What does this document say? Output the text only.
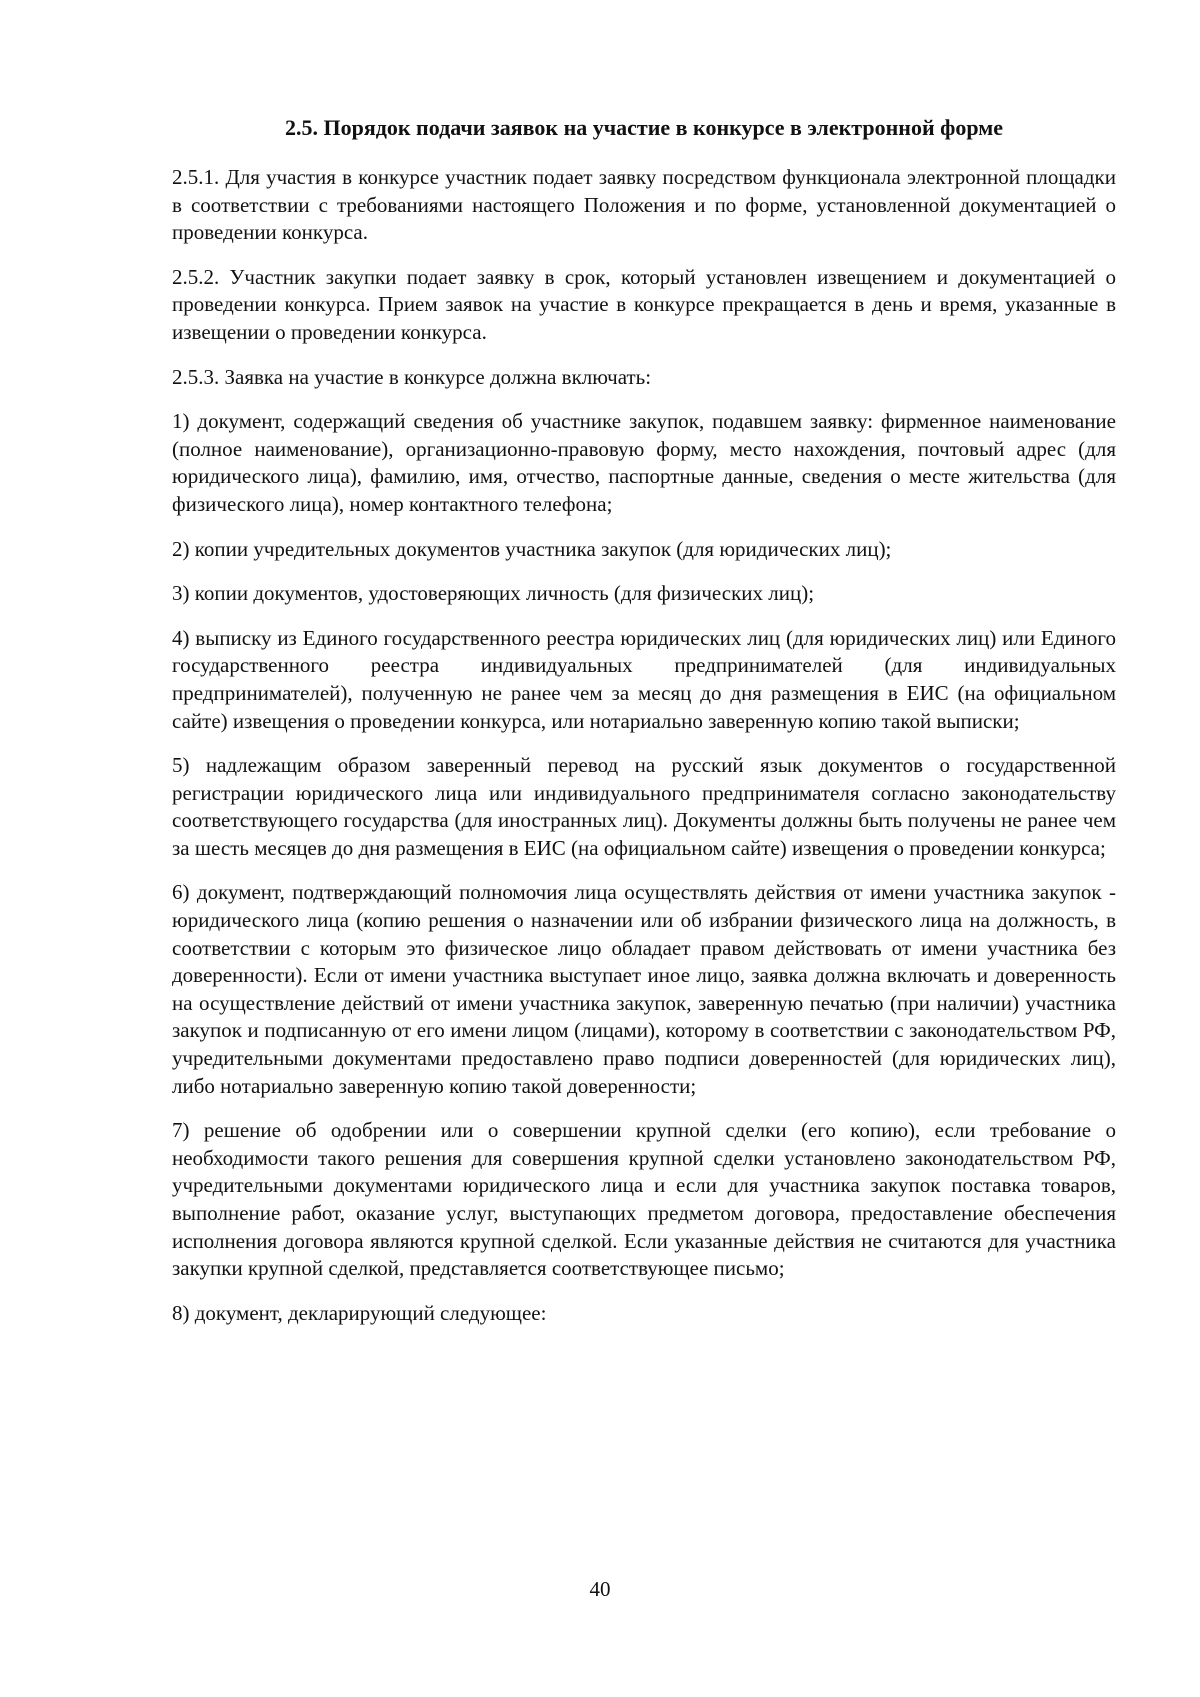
2.5. Порядок подачи заявок на участие в конкурсе в электронной форме
2.5.1. Для участия в конкурсе участник подает заявку посредством функционала электронной площадки в соответствии с требованиями настоящего Положения и по форме, установленной документацией о проведении конкурса.
2.5.2. Участник закупки подает заявку в срок, который установлен извещением и документацией о проведении конкурса. Прием заявок на участие в конкурсе прекращается в день и время, указанные в извещении о проведении конкурса.
2.5.3. Заявка на участие в конкурсе должна включать:
1) документ, содержащий сведения об участнике закупок, подавшем заявку: фирменное наименование (полное наименование), организационно-правовую форму, место нахождения, почтовый адрес (для юридического лица), фамилию, имя, отчество, паспортные данные, сведения о месте жительства (для физического лица), номер контактного телефона;
2) копии учредительных документов участника закупок (для юридических лиц);
3) копии документов, удостоверяющих личность (для физических лиц);
4) выписку из Единого государственного реестра юридических лиц (для юридических лиц) или Единого государственного реестра индивидуальных предпринимателей (для индивидуальных предпринимателей), полученную не ранее чем за месяц до дня размещения в ЕИС (на официальном сайте) извещения о проведении конкурса, или нотариально заверенную копию такой выписки;
5) надлежащим образом заверенный перевод на русский язык документов о государственной регистрации юридического лица или индивидуального предпринимателя согласно законодательству соответствующего государства (для иностранных лиц). Документы должны быть получены не ранее чем за шесть месяцев до дня размещения в ЕИС (на официальном сайте) извещения о проведении конкурса;
6) документ, подтверждающий полномочия лица осуществлять действия от имени участника закупок - юридического лица (копию решения о назначении или об избрании физического лица на должность, в соответствии с которым это физическое лицо обладает правом действовать от имени участника без доверенности). Если от имени участника выступает иное лицо, заявка должна включать и доверенность на осуществление действий от имени участника закупок, заверенную печатью (при наличии) участника закупок и подписанную от его имени лицом (лицами), которому в соответствии с законодательством РФ, учредительными документами предоставлено право подписи доверенностей (для юридических лиц), либо нотариально заверенную копию такой доверенности;
7) решение об одобрении или о совершении крупной сделки (его копию), если требование о необходимости такого решения для совершения крупной сделки установлено законодательством РФ, учредительными документами юридического лица и если для участника закупок поставка товаров, выполнение работ, оказание услуг, выступающих предметом договора, предоставление обеспечения исполнения договора являются крупной сделкой. Если указанные действия не считаются для участника закупки крупной сделкой, представляется соответствующее письмо;
8) документ, декларирующий следующее:
40
